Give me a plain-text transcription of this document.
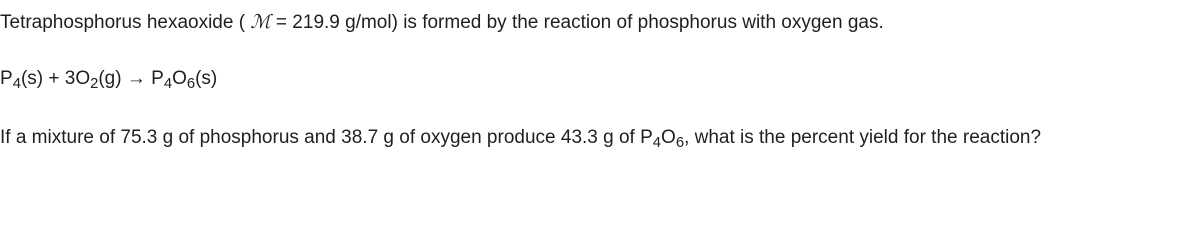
Tetraphosphorus hexaoxide ( ℳ = 219.9 g/mol) is formed by the reaction of phosphorus with oxygen gas.
$P_4(s) + 3O_2(g) \to P_4O_6(s)$
If a mixture of 75.3 g of phosphorus and 38.7 g of oxygen produce 43.3 g of $P_4O_6$, what is the percent yield for the reaction?
